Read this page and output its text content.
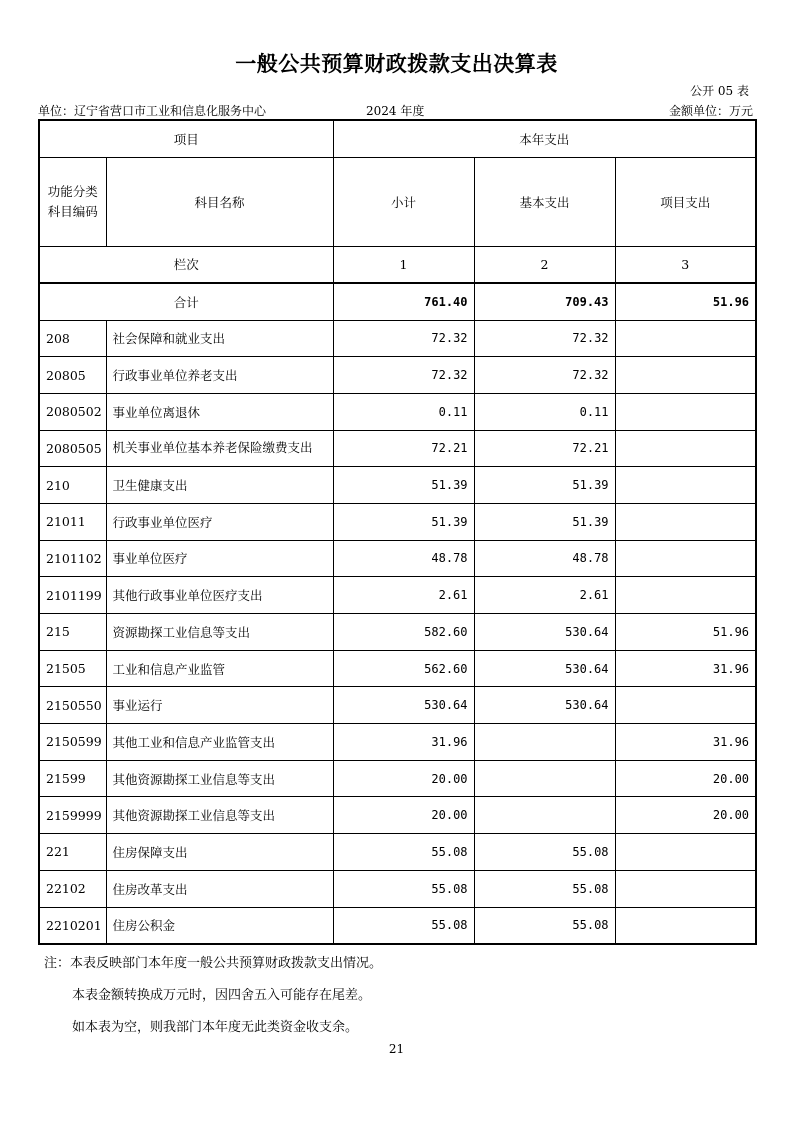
一般公共预算财政拨款支出决算表
公开 05 表
单位：辽宁省营口市工业和信息化服务中心	2024 年度	金额单位：万元
项目		本年支出		
功能分类科目编码	科目名称	小计	基本支出	项目支出
栏次		1	2	3
合计		761.40	709.43	51.96
208	社会保障和就业支出	72.32	72.32	
20805	行政事业单位养老支出	72.32	72.32	
2080502	事业单位离退休	0.11	0.11	
2080505	机关事业单位基本养老保险缴费支出	72.21	72.21	
210	卫生健康支出	51.39	51.39	
21011	行政事业单位医疗	51.39	51.39	
2101102	事业单位医疗	48.78	48.78	
2101199	其他行政事业单位医疗支出	2.61	2.61	
215	资源勘探工业信息等支出	582.60	530.64	51.96
21505	工业和信息产业监管	562.60	530.64	31.96
2150550	事业运行	530.64	530.64	
2150599	其他工业和信息产业监管支出	31.96		31.96
21599	其他资源勘探工业信息等支出	20.00		20.00
2159999	其他资源勘探工业信息等支出	20.00		20.00
221	住房保障支出	55.08	55.08	
22102	住房改革支出	55.08	55.08	
2210201	住房公积金	55.08	55.08	
注：本表反映部门本年度一般公共预算财政拨款支出情况。
本表金额转换成万元时，因四舍五入可能存在尾差。
如本表为空，则我部门本年度无此类资金收支余。
21
